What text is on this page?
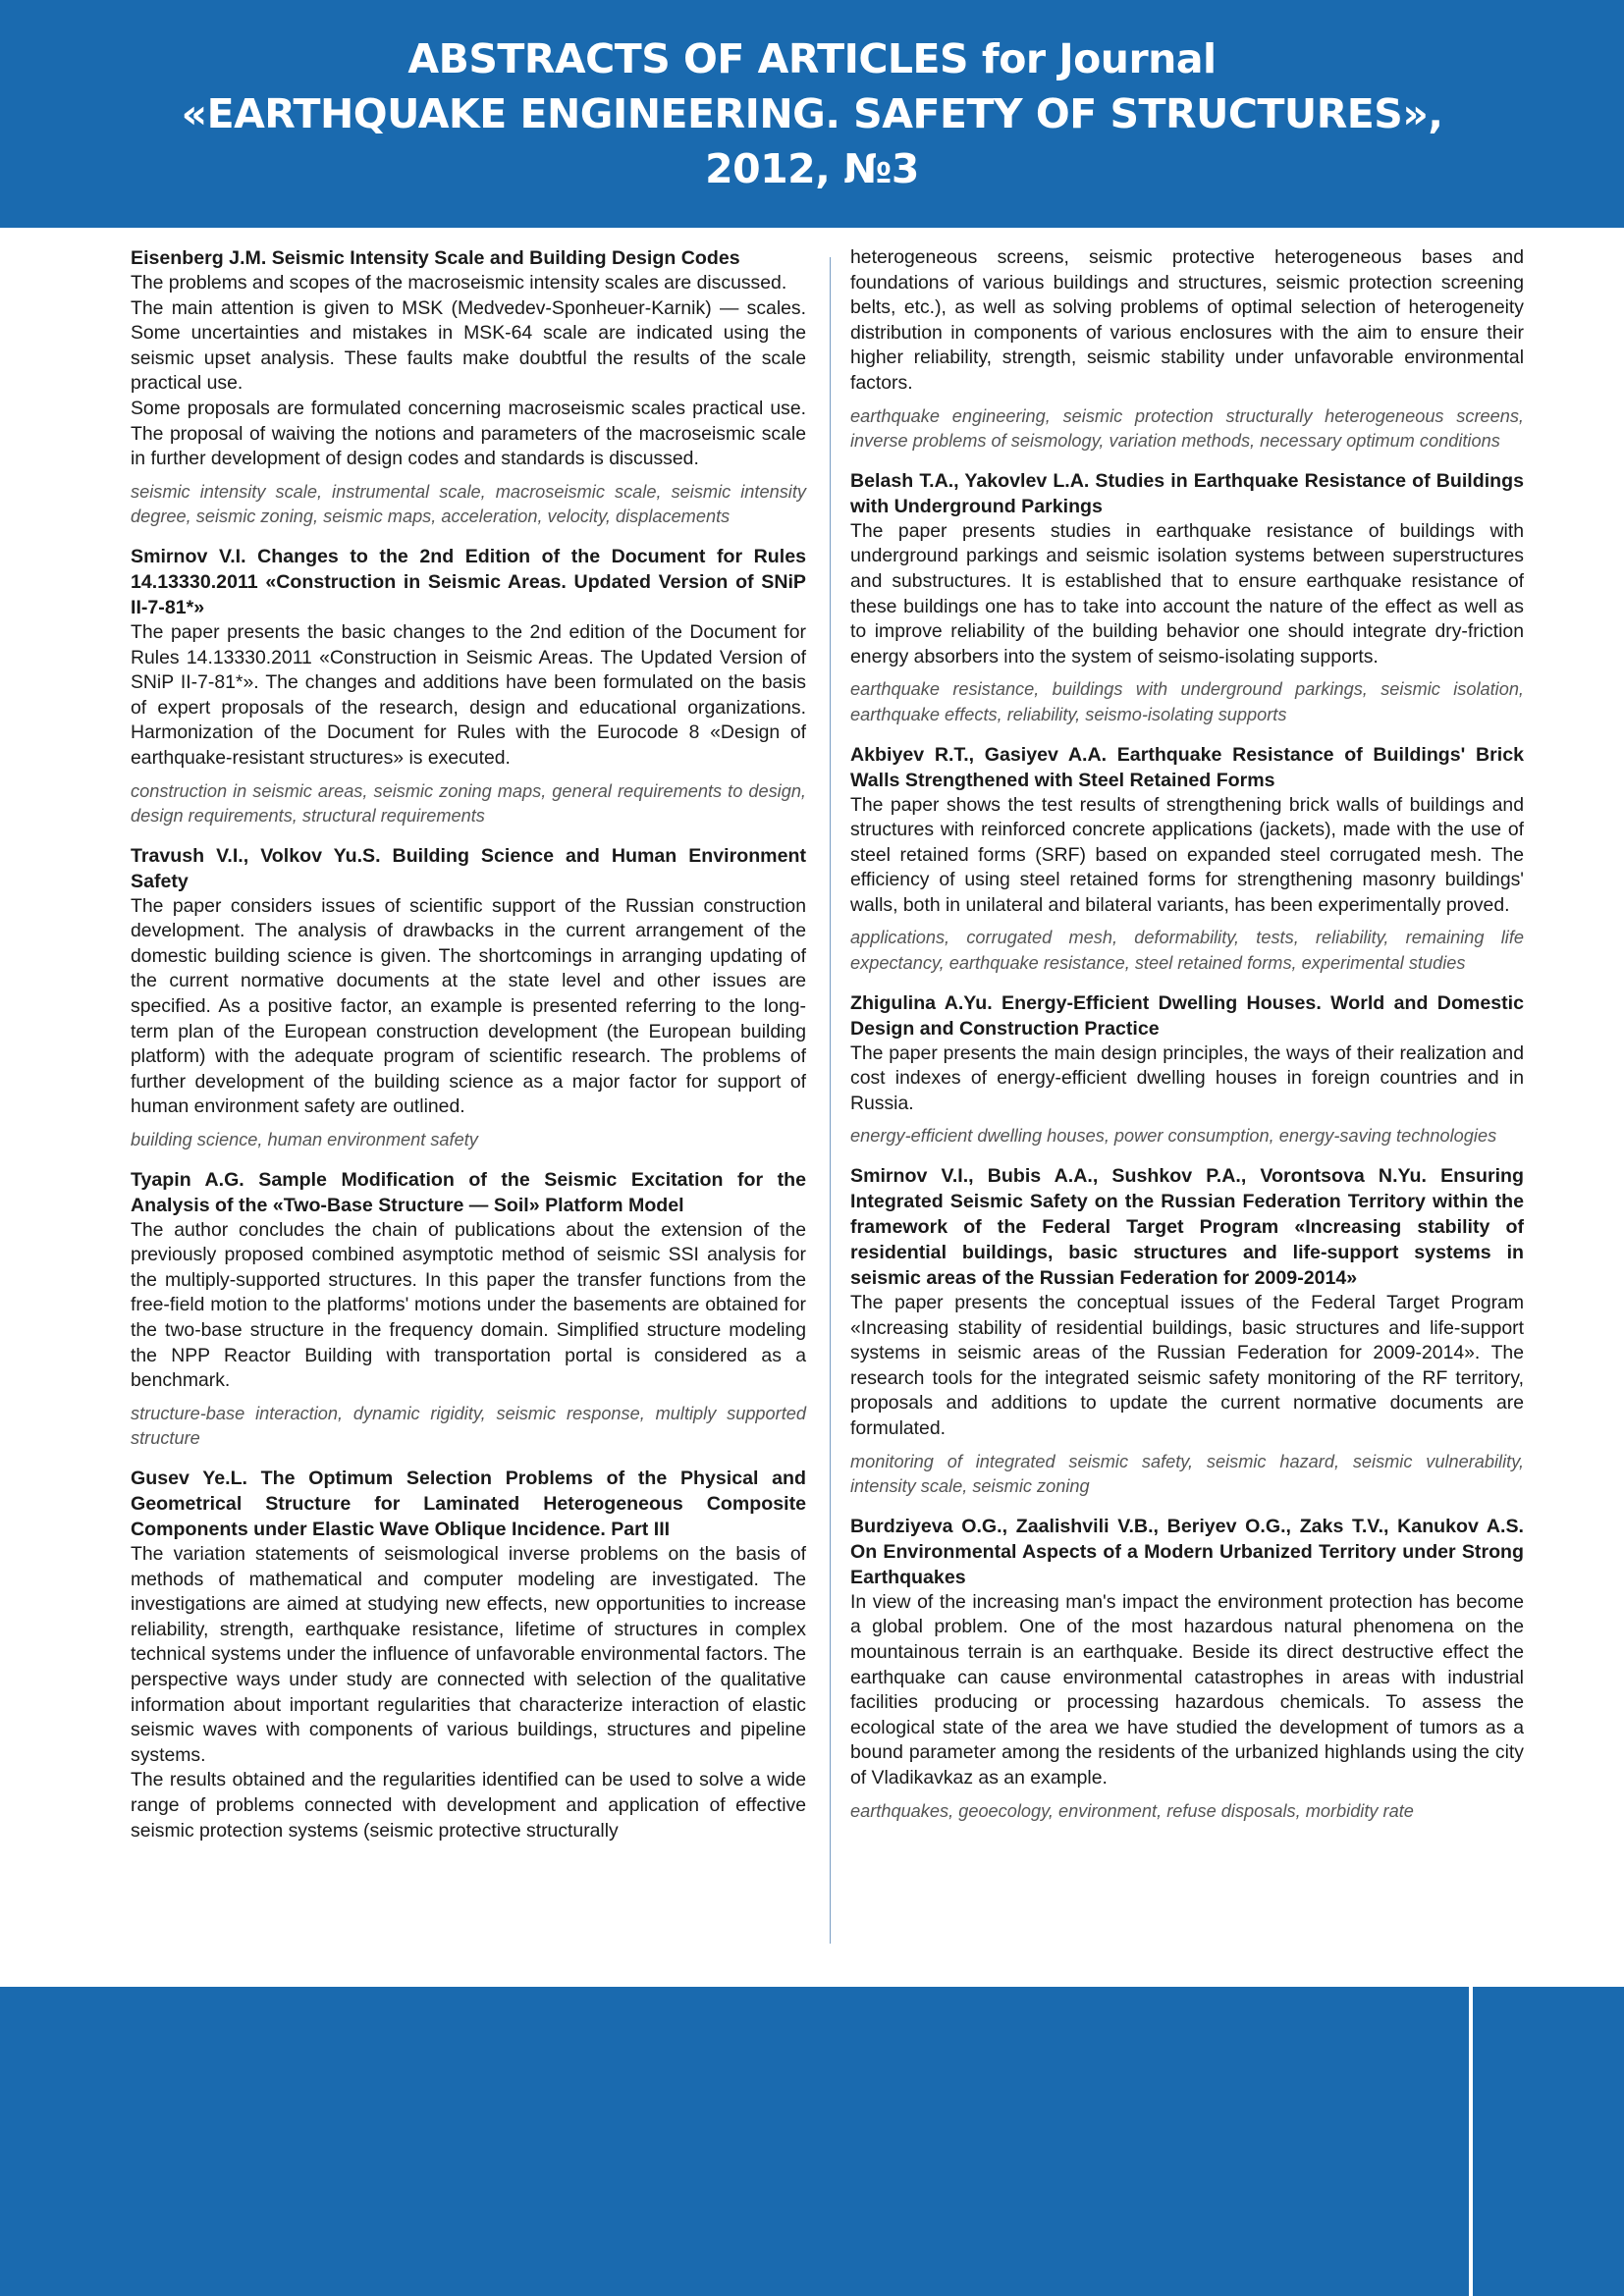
ABSTRACTS OF ARTICLES for Journal
«EARTHQUAKE ENGINEERING. SAFETY OF STRUCTURES»,
2012, №3
Eisenberg J.M. Seismic Intensity Scale and Building Design Codes

The problems and scopes of the macroseismic intensity scales are discussed.

The main attention is given to MSK (Medvedev-Sponheuer-Karnik) — scales. Some uncertainties and mistakes in MSK-64 scale are indicated using the seismic upset analysis. These faults make doubtful the results of the scale practical use.

Some proposals are formulated concerning macroseismic scales practical use. The proposal of waiving the notions and parameters of the macroseismic scale in further development of design codes and standards is discussed.

seismic intensity scale, instrumental scale, macroseismic scale, seismic intensity degree, seismic zoning, seismic maps, acceleration, velocity, displacements
Smirnov V.I. Changes to the 2nd Edition of the Document for Rules 14.13330.2011 «Construction in Seismic Areas. Updated Version of SNiP II-7-81*»

The paper presents the basic changes to the 2nd edition of the Document for Rules 14.13330.2011 «Construction in Seismic Areas. The Updated Version of SNiP II-7-81*». The changes and additions have been formulated on the basis of expert proposals of the research, design and educational organizations. Harmonization of the Document for Rules with the Eurocode 8 «Design of earthquake-resistant structures» is executed.

construction in seismic areas, seismic zoning maps, general requirements to design, design requirements, structural requirements
Travush V.I., Volkov Yu.S. Building Science and Human Environment Safety

The paper considers issues of scientific support of the Russian construction development. The analysis of drawbacks in the current arrangement of the domestic building science is given. The shortcomings in arranging updating of the current normative documents at the state level and other issues are specified. As a positive factor, an example is presented referring to the long-term plan of the European construction development (the European building platform) with the adequate program of scientific research. The problems of further development of the building science as a major factor for support of human environment safety are outlined.

building science, human environment safety
Tyapin A.G. Sample Modification of the Seismic Excitation for the Analysis of the «Two-Base Structure — Soil» Platform Model

The author concludes the chain of publications about the extension of the previously proposed combined asymptotic method of seismic SSI analysis for the multiply-supported structures. In this paper the transfer functions from the free-field motion to the platforms' motions under the basements are obtained for the two-base structure in the frequency domain. Simplified structure modeling the NPP Reactor Building with transportation portal is considered as a benchmark.

structure-base interaction, dynamic rigidity, seismic response, multiply supported structure
Gusev Ye.L. The Optimum Selection Problems of the Physical and Geometrical Structure for Laminated Heterogeneous Composite Components under Elastic Wave Oblique Incidence. Part III

The variation statements of seismological inverse problems on the basis of methods of mathematical and computer modeling are investigated. The investigations are aimed at studying new effects, new opportunities to increase reliability, strength, earthquake resistance, lifetime of structures in complex technical systems under the influence of unfavorable environmental factors. The perspective ways under study are connected with selection of the qualitative information about important regularities that characterize interaction of elastic seismic waves with components of various buildings, structures and pipeline systems.

The results obtained and the regularities identified can be used to solve a wide range of problems connected with development and application of effective seismic protection systems (seismic protective structurally

heterogeneous screens, seismic protective heterogeneous bases and foundations of various buildings and structures, seismic protection screening belts, etc.), as well as solving problems of optimal selection of heterogeneity distribution in components of various enclosures with the aim to ensure their higher reliability, strength, seismic stability under unfavorable environmental factors.

earthquake engineering, seismic protection structurally heterogeneous screens, inverse problems of seismology, variation methods, necessary optimum conditions
Belash T.A., Yakovlev L.A. Studies in Earthquake Resistance of Buildings with Underground Parkings

The paper presents studies in earthquake resistance of buildings with underground parkings and seismic isolation systems between superstructures and substructures. It is established that to ensure earthquake resistance of these buildings one has to take into account the nature of the effect as well as to improve reliability of the building behavior one should integrate dry-friction energy absorbers into the system of seismo-isolating supports.

earthquake resistance, buildings with underground parkings, seismic isolation, earthquake effects, reliability, seismo-isolating supports
Akbiyev R.T., Gasiyev A.A. Earthquake Resistance of Buildings' Brick Walls Strengthened with Steel Retained Forms

The paper shows the test results of strengthening brick walls of buildings and structures with reinforced concrete applications (jackets), made with the use of steel retained forms (SRF) based on expanded steel corrugated mesh. The efficiency of using steel retained forms for strengthening masonry buildings' walls, both in unilateral and bilateral variants, has been experimentally proved.

applications, corrugated mesh, deformability, tests, reliability, remaining life expectancy, earthquake resistance, steel retained forms, experimental studies
Zhigulina A.Yu. Energy-Efficient Dwelling Houses. World and Domestic Design and Construction Practice

The paper presents the main design principles, the ways of their realization and cost indexes of energy-efficient dwelling houses in foreign countries and in Russia.

energy-efficient dwelling houses, power consumption, energy-saving technologies
Smirnov V.I., Bubis A.A., Sushkov P.A., Vorontsova N.Yu. Ensuring Integrated Seismic Safety on the Russian Federation Territory within the framework of the Federal Target Program «Increasing stability of residential buildings, basic structures and life-support systems in seismic areas of the Russian Federation for 2009-2014»

The paper presents the conceptual issues of the Federal Target Program «Increasing stability of residential buildings, basic structures and life-support systems in seismic areas of the Russian Federation for 2009-2014». The research tools for the integrated seismic safety monitoring of the RF territory, proposals and additions to update the current normative documents are formulated.

monitoring of integrated seismic safety, seismic hazard, seismic vulnerability, intensity scale, seismic zoning
Burdziyeva O.G., Zaalishvili V.B., Beriyev O.G., Zaks T.V., Kanukov A.S. On Environmental Aspects of a Modern Urbanized Territory under Strong Earthquakes

In view of the increasing man's impact the environment protection has become a global problem. One of the most hazardous natural phenomena on the mountainous terrain is an earthquake. Beside its direct destructive effect the earthquake can cause environmental catastrophes in areas with industrial facilities producing or processing hazardous chemicals. To assess the ecological state of the area we have studied the development of tumors as a bound parameter among the residents of the urbanized highlands using the city of Vladikavkaz as an example.

earthquakes, geoecology, environment, refuse disposals, morbidity rate
